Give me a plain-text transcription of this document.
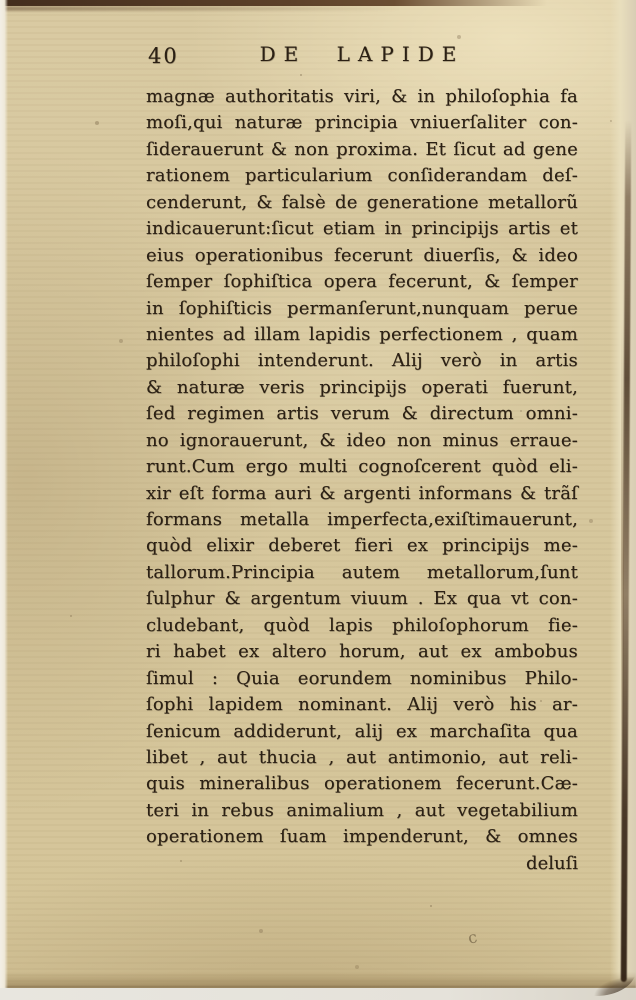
40	DE LAPIDE
magnæ authoritatis viri, & in philoſophia fa
moſi,qui naturæ principia vniuerſaliter con-
ſiderauerunt & non proxima. Et ſicut ad gene
rationem particularium conſiderandam deſ-
cenderunt, & falsè de generatione metallorũ
indicauerunt:ſicut etiam in principijs artis et
eius operationibus fecerunt diuerſis, & ideo
ſemper ſophiſtica opera fecerunt, & ſemper
in ſophiſticis permanſerunt,nunquam perue
nientes ad illam lapidis perfectionem , quam
philoſophi intenderunt. Alij verò in artis
& naturæ veris principijs operati fuerunt,
ſed regimen artis verum & directum omni-
no ignorauerunt, & ideo non minus erraue-
runt.Cum ergo multi cognoſcerent quòd eli-
xir eſt forma auri & argenti informans & trãſ
formans metalla imperfecta,exiſtimauerunt,
quòd elixir deberet fieri ex principijs me-
tallorum.Principia autem metallorum,ſunt
ſulphur & argentum viuum . Ex qua vt con-
cludebant, quòd lapis philoſophorum fie-
ri habet ex altero horum, aut ex ambobus
ſimul : Quia eorundem nominibus Philo-
ſophi lapidem nominant. Alij verò his ar-
ſenicum addiderunt, alij ex marchaſita qua
libet , aut thucia , aut antimonio, aut reli-
quis mineralibus operationem fecerunt.Cæ-
teri in rebus animalium , aut vegetabilium
operationem ſuam impenderunt, & omnes
deluſi
c
